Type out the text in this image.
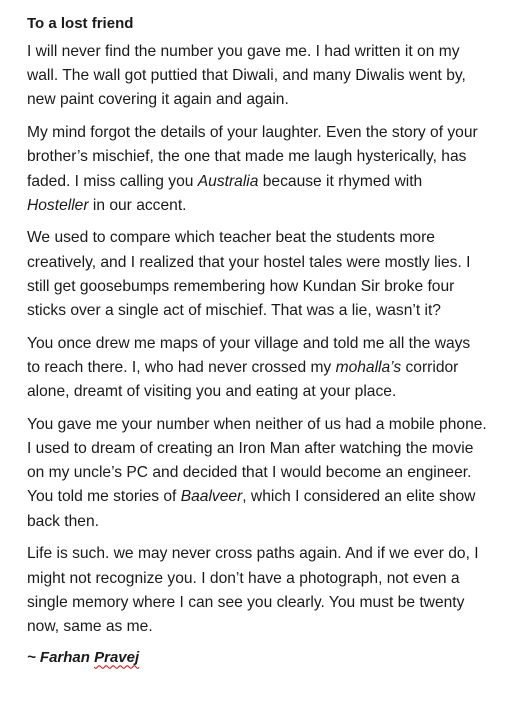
To a lost friend

I will never find the number you gave me. I had written it on my wall. The wall got puttied that Diwali, and many Diwalis went by, new paint covering it again and again.

My mind forgot the details of your laughter. Even the story of your brother’s mischief, the one that made me laugh hysterically, has faded. I miss calling you Australia because it rhymed with Hosteller in our accent.

We used to compare which teacher beat the students more creatively, and I realized that your hostel tales were mostly lies. I still get goosebumps remembering how Kundan Sir broke four sticks over a single act of mischief. That was a lie, wasn’t it?

You once drew me maps of your village and told me all the ways to reach there. I, who had never crossed my mohalla’s corridor alone, dreamt of visiting you and eating at your place.

You gave me your number when neither of us had a mobile phone. I used to dream of creating an Iron Man after watching the movie on my uncle’s PC and decided that I would become an engineer. You told me stories of Baalveer, which I considered an elite show back then.

Life is such. we may never cross paths again. And if we ever do, I might not recognize you. I don’t have a photograph, not even a single memory where I can see you clearly. You must be twenty now, same as me.

~ Farhan Pravej
